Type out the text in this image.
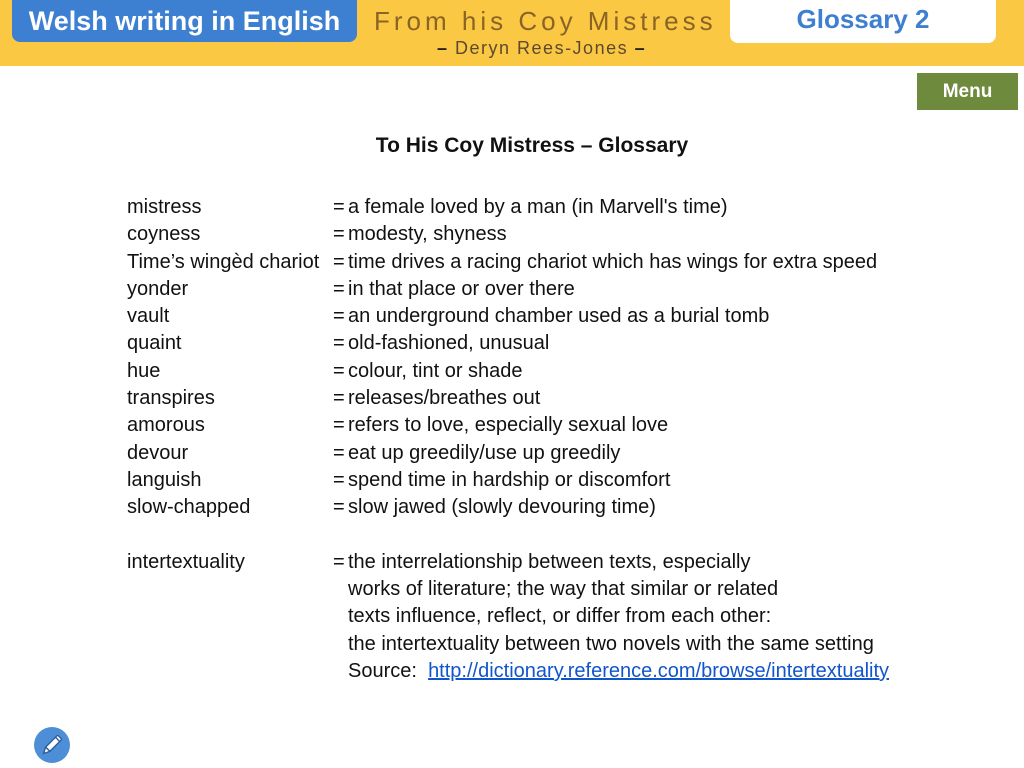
Welsh writing in English	From his Coy Mistress
– Deryn Rees-Jones –
Glossary 2
Menu
To His Coy Mistress – Glossary
mistress	= a female loved by a man (in Marvell's time)
coyness	= modesty, shyness
Time’s wingèd chariot = time drives a racing chariot which has wings for extra speed
yonder	= in that place or over there
vault	= an underground chamber used as a burial tomb
quaint	= old-fashioned, unusual
hue	= colour, tint or shade
transpires	= releases/breathes out
amorous	= refers to love, especially sexual love
devour	= eat up greedily/use up greedily
languish	= spend time in hardship or discomfort
slow-chapped	= slow jawed (slowly devouring time)
intertextuality	= the interrelationship between texts, especially
works of literature; the way that similar or related
texts influence, reflect, or differ from each other:
the intertextuality between two novels with the same setting
Source: http://dictionary.reference.com/browse/intertextuality
